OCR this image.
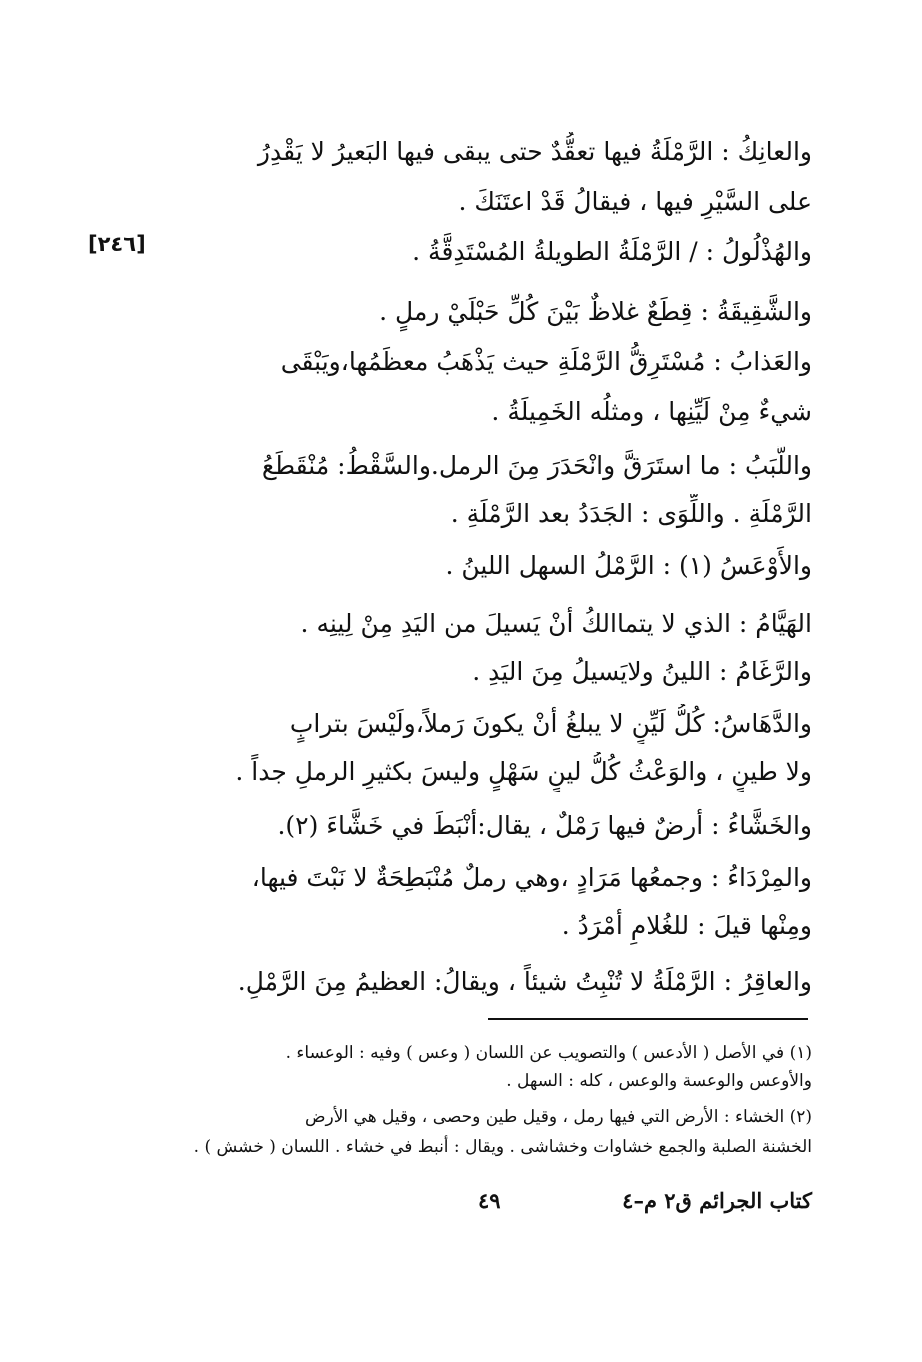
[٢٤٦]
والعانِكُ : الرَّمْلَةُ فيها تعقُّدٌ حتى يبقى فيها البَعيرُ لا يَقْدِرُ
على السَّيْرِ فيها ، فيقالُ قَدْ اعتَنَكَ .
والهُذْلُولُ : / الرَّمْلَةُ الطويلةُ المُسْتَدِقَّةُ .
والشَّقِيقَةُ : قِطَعٌ غلاظٌ بَيْنَ كُلِّ حَبْلَيْ رملٍ .
والعَذابُ : مُسْتَرِقُّ الرَّمْلَةِ حيث يَذْهَبُ معظَمُها،ويَبْقَى
شيءٌ مِنْ لَيِّنِها ، ومثلُه الخَمِيلَةُ .
واللَّبَبُ : ما استَرَقَّ وانْحَدَرَ مِنَ الرمل.والسَّقْطُ: مُنْقَطَعُ
الرَّمْلَةِ . واللِّوَى : الجَدَدُ بعد الرَّمْلَةِ .
والأَوْعَسُ (١) : الرَّمْلُ السهل اللينُ .
الهَيَّامُ : الذي لا يتماالكُ أنْ يَسيلَ من اليَدِ مِنْ لِينِه .
والرَّغَامُ : اللينُ ولايَسيلُ مِنَ اليَدِ .
والدَّهَاسُ: كُلُّ لَيِّنٍ لا يبلغُ أنْ يكونَ رَملاً،ولَيْسَ بترابٍ
ولا طينٍ ، والوَعْثُ كُلُّ لينٍ سَهْلٍ وليسَ بكثيرِ الرملِ جداً .
والخَشَّاءُ : أرضٌ فيها رَمْلٌ ، يقال:أنْبَطَ في خَشَّاءَ (٢).
والمِرْدَاءُ : وجمعُها مَرَادٍ ،وهي رملٌ مُنْبَطِحَةٌ لا نَبْتَ فيها،
ومِنْها قيلَ : للغُلامِ أمْرَدُ .
والعاقِرُ : الرَّمْلَةُ لا تُنْبِتُ شيئاً ، ويقالُ: العظيمُ مِنَ الرَّمْلِ.
(١) في الأصل ( الأدعس ) والتصويب عن اللسان ( وعس ) وفيه : الوعساء .
والأوعس والوعسة والوعس ، كله : السهل .
(٢) الخشاء : الأرض التي فيها رمل ، وقيل طين وحصى ، وقيل هي الأرض
الخشنة الصلبة والجمع خشاوات وخشاشى . ويقال : أنبط في خشاء . اللسان ( خشش ) .
كتاب الجرائم ق٢ م–٤
٤٩
